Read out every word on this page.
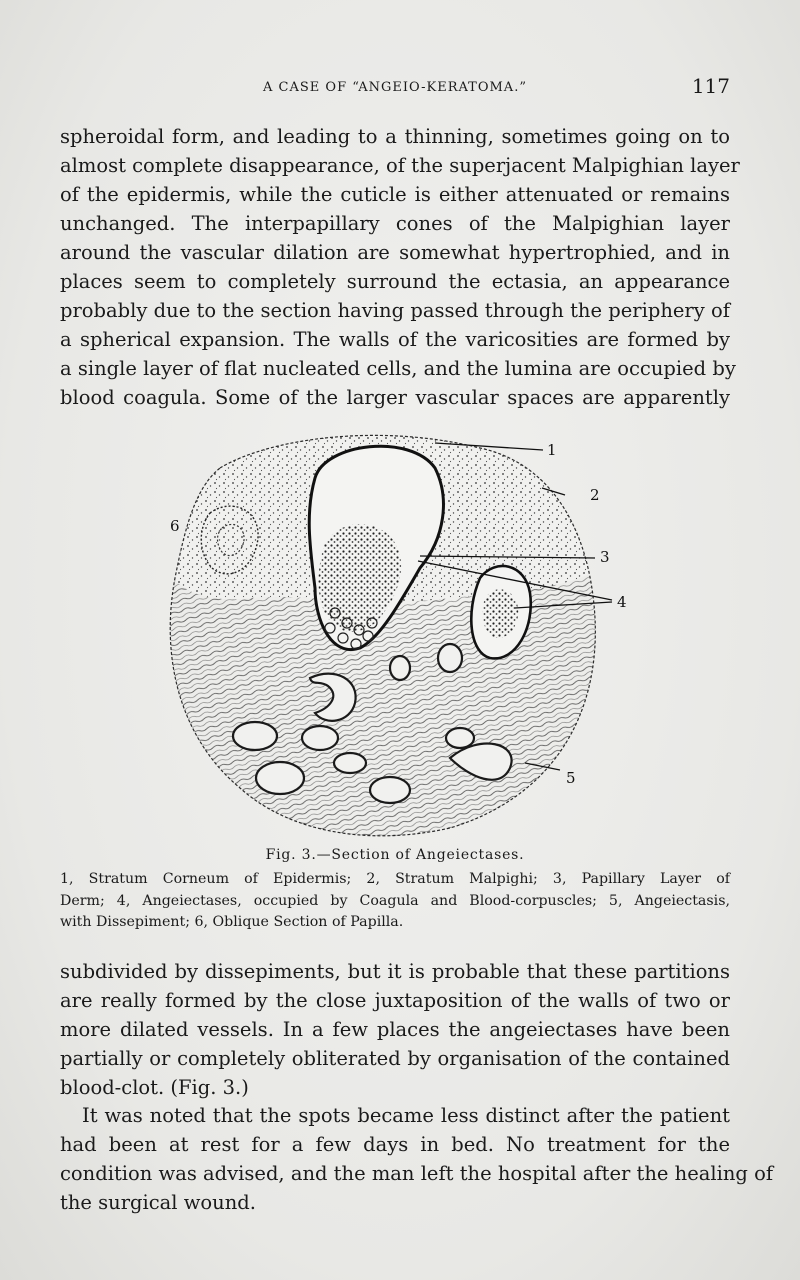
A CASE OF “ANGEIO-KERATOMA.”	117

spheroidal form, and leading to a thinning, sometimes going on to
almost complete disappearance, of the superjacent Malpighian layer
of the epidermis, while the cuticle is either attenuated or remains
unchanged. The interpapillary cones of the Malpighian layer
around the vascular dilation are somewhat hypertrophied, and in
places seem to completely surround the ectasia, an appearance
probably due to the section having passed through the periphery of
a spherical expansion. The walls of the varicosities are formed by
a single layer of flat nucleated cells, and the lumina are occupied by
blood coagula. Some of the larger vascular spaces are apparently

1
2
3
4
5
6
Fig. 3.—Section of Angeiectases.

1, Stratum Corneum of Epidermis; 2, Stratum Malpighi; 3, Papillary Layer of
Derm; 4, Angeiectases, occupied by Coagula and Blood-corpuscles; 5, Angeiectasis,
with Dissepiment; 6, Oblique Section of Papilla.

subdivided by dissepiments, but it is probable that these partitions
are really formed by the close juxtaposition of the walls of two or
more dilated vessels. In a few places the angeiectases have been
partially or completely obliterated by organisation of the contained
blood-clot. (Fig. 3.)

It was noted that the spots became less distinct after the patient
had been at rest for a few days in bed. No treatment for the
condition was advised, and the man left the hospital after the healing of
the surgical wound.
